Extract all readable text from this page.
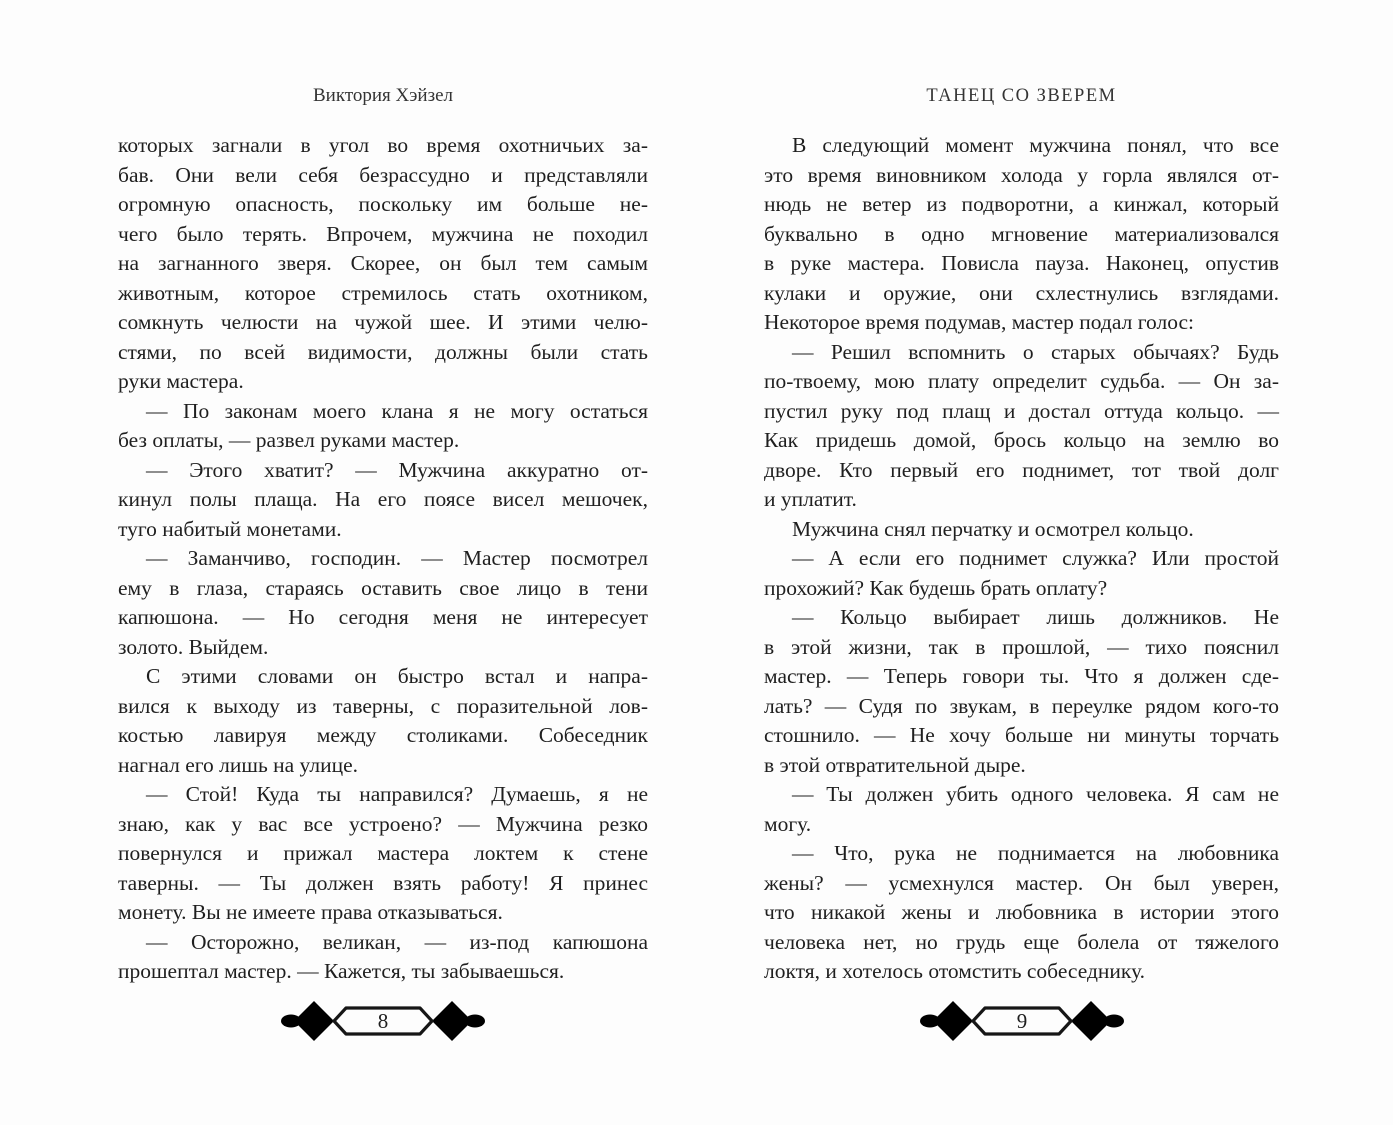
Виктория Хэйзел
которых загнали в угол во время охотничьих за-
бав. Они вели себя безрассудно и представляли
огромную опасность, поскольку им больше не-
чего было терять. Впрочем, мужчина не походил
на загнанного зверя. Скорее, он был тем самым
животным, которое стремилось стать охотником,
сомкнуть челюсти на чужой шее. И этими челю-
стями, по всей видимости, должны были стать
руки мастера.
— По законам моего клана я не могу остаться
без оплаты, — развел руками мастер.
— Этого хватит? — Мужчина аккуратно от-
кинул полы плаща. На его поясе висел мешочек,
туго набитый монетами.
— Заманчиво, господин. — Мастер посмотрел
ему в глаза, стараясь оставить свое лицо в тени
капюшона. — Но сегодня меня не интересует
золото. Выйдем.
С этими словами он быстро встал и напра-
вился к выходу из таверны, с поразительной лов-
костью лавируя между столиками. Собеседник
нагнал его лишь на улице.
— Стой! Куда ты направился? Думаешь, я не
знаю, как у вас все устроено? — Мужчина резко
повернулся и прижал мастера локтем к стене
таверны. — Ты должен взять работу! Я принес
монету. Вы не имеете права отказываться.
— Осторожно, великан, — из-под капюшона
прошептал мастер. — Кажется, ты забываешься.
8
ТАНЕЦ СО ЗВЕРЕМ
В следующий момент мужчина понял, что все
это время виновником холода у горла являлся от-
нюдь не ветер из подворотни, а кинжал, который
буквально в одно мгновение материализовался
в руке мастера. Повисла пауза. Наконец, опустив
кулаки и оружие, они схлестнулись взглядами.
Некоторое время подумав, мастер подал голос:
— Решил вспомнить о старых обычаях? Будь
по-твоему, мою плату определит судьба. — Он за-
пустил руку под плащ и достал оттуда кольцо. —
Как придешь домой, брось кольцо на землю во
дворе. Кто первый его поднимет, тот твой долг
и уплатит.
Мужчина снял перчатку и осмотрел кольцо.
— А если его поднимет служка? Или простой
прохожий? Как будешь брать оплату?
— Кольцо выбирает лишь должников. Не
в этой жизни, так в прошлой, — тихо пояснил
мастер. — Теперь говори ты. Что я должен сде-
лать? — Судя по звукам, в переулке рядом кого-то
стошнило. — Не хочу больше ни минуты торчать
в этой отвратительной дыре.
— Ты должен убить одного человека. Я сам не
могу.
— Что, рука не поднимается на любовника
жены? — усмехнулся мастер. Он был уверен,
что никакой жены и любовника в истории этого
человека нет, но грудь еще болела от тяжелого
локтя, и хотелось отомстить собеседнику.
9
